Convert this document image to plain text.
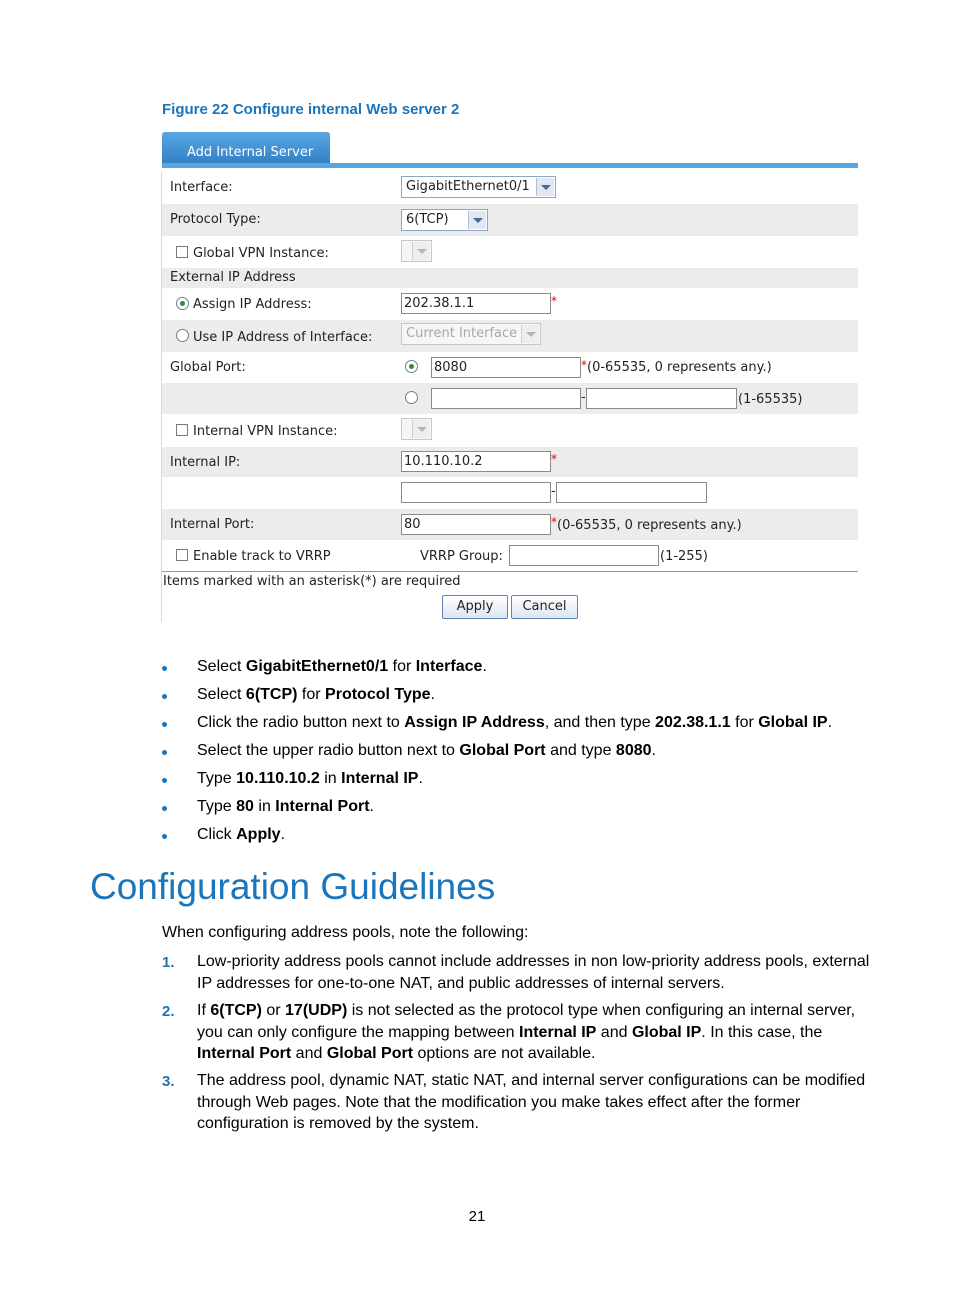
Figure 22 Configure internal Web server 2
Add Internal Server
Interface:	GigabitEthernet0/1
Protocol Type:	6(TCP)
Global VPN Instance:
External IP Address
Assign IP Address:	202.38.1.1	*
Use IP Address of Interface:	Current Interface
Global Port:	8080	* (0-65535, 0 represents any.)
-	(1-65535)
Internal VPN Instance:
Internal IP:	10.110.10.2	*
-
Internal Port:	80	* (0-65535, 0 represents any.)
Enable track to VRRP	VRRP Group:	(1-255)
Items marked with an asterisk(*) are required
Apply	Cancel
Select GigabitEthernet0/1 for Interface.
Select 6(TCP) for Protocol Type.
Click the radio button next to Assign IP Address, and then type 202.38.1.1 for Global IP.
Select the upper radio button next to Global Port and type 8080.
Type 10.110.10.2 in Internal IP.
Type 80 in Internal Port.
Click Apply.
Configuration Guidelines
When configuring address pools, note the following:
1. Low-priority address pools cannot include addresses in non low-priority address pools, external IP addresses for one-to-one NAT, and public addresses of internal servers.
2. If 6(TCP) or 17(UDP) is not selected as the protocol type when configuring an internal server, you can only configure the mapping between Internal IP and Global IP. In this case, the Internal Port and Global Port options are not available.
3. The address pool, dynamic NAT, static NAT, and internal server configurations can be modified through Web pages. Note that the modification you make takes effect after the former configuration is removed by the system.
21
